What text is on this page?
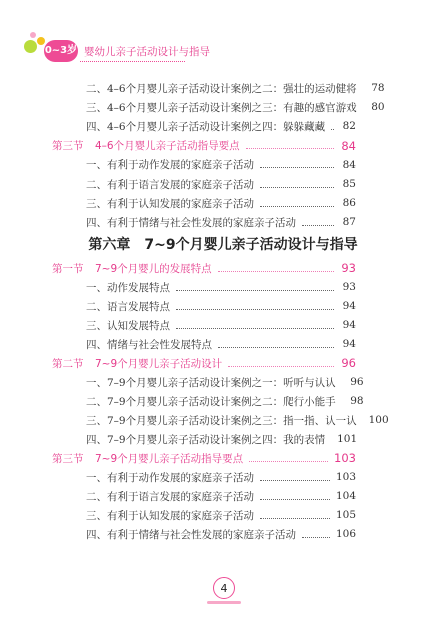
0~3岁 婴幼儿亲子活动设计与指导
二、4–6个月婴儿亲子活动设计案例之二：强壮的运动健将 78
三、4–6个月婴儿亲子活动设计案例之三：有趣的感官游戏 80
四、4–6个月婴儿亲子活动设计案例之四：躲躲藏藏 82
第三节	4–6个月婴儿亲子活动指导要点	84
一、有利于动作发展的家庭亲子活动	84
二、有利于语言发展的家庭亲子活动	85
三、有利于认知发展的家庭亲子活动	86
四、有利于情绪与社会性发展的家庭亲子活动	87
第六章　7~9个月婴儿亲子活动设计与指导
第一节	7~9个月婴儿的发展特点	93
一、动作发展特点	93
二、语言发展特点	94
三、认知发展特点	94
四、情绪与社会性发展特点	94
第二节	7~9个月婴儿亲子活动设计	96
一、7–9个月婴儿亲子活动设计案例之一：听听与认认 96
二、7–9个月婴儿亲子活动设计案例之二：爬行小能手 98
三、7–9个月婴儿亲子活动设计案例之三：指一指、认一认 100
四、7–9个月婴儿亲子活动设计案例之四：我的表情 101
第三节	7~9个月婴儿亲子活动指导要点	103
一、有利于动作发展的家庭亲子活动	103
二、有利于语言发展的家庭亲子活动	104
三、有利于认知发展的家庭亲子活动	105
四、有利于情绪与社会性发展的家庭亲子活动	106
4
